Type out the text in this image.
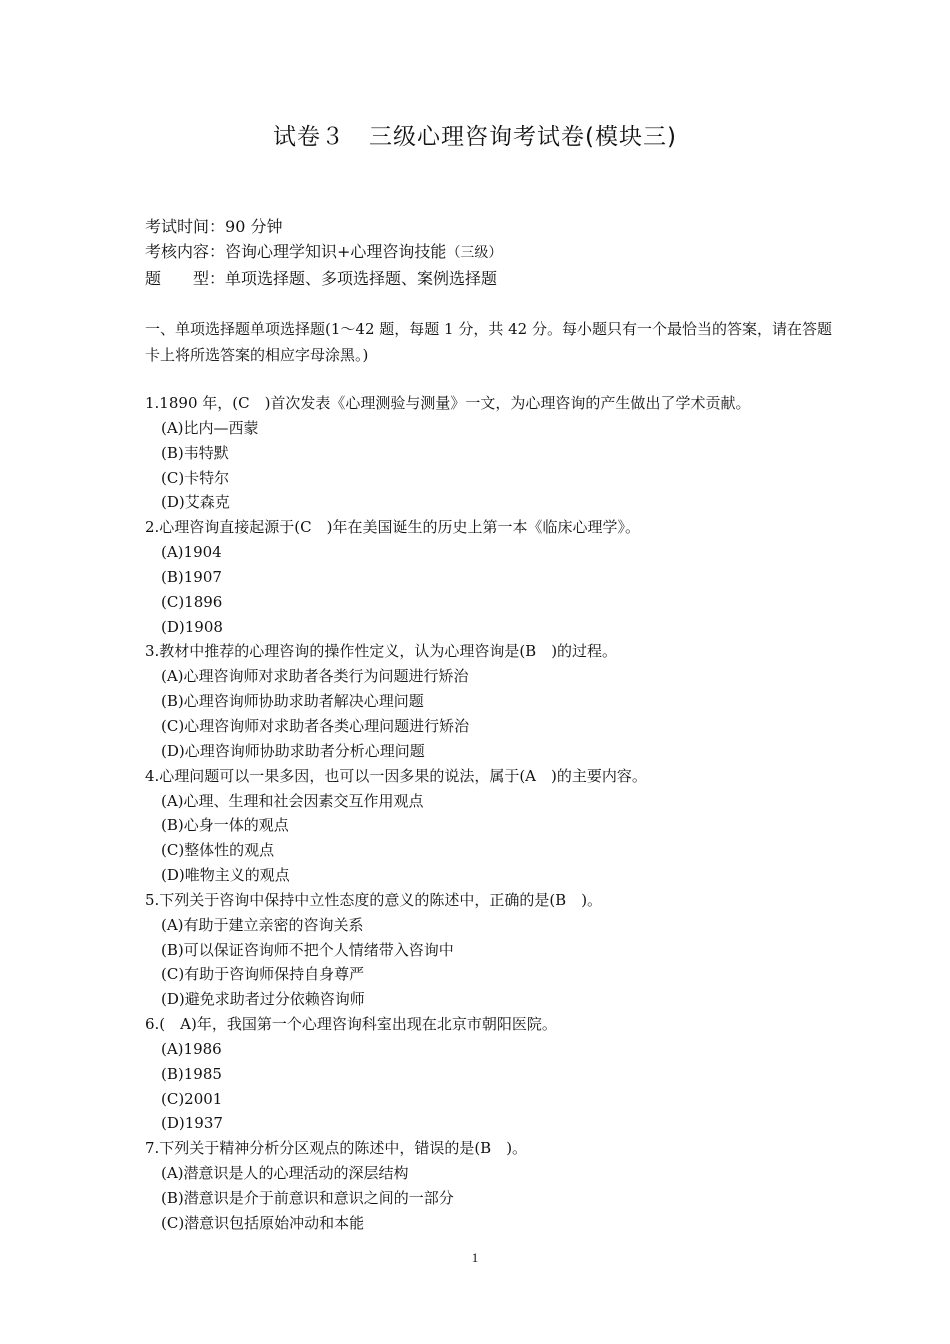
试卷３　三级心理咨询考试卷(模块三)
考试时间：90 分钟
考核内容：咨询心理学知识+心理咨询技能（三级）
题　　型：单项选择题、多项选择题、案例选择题
一、单项选择题单项选择题(1～42 题，每题 1 分，共 42 分。每小题只有一个最恰当的答案，请在答题卡上将所选答案的相应字母涂黑。)
1.1890 年，(C　)首次发表《心理测验与测量》一文，为心理咨询的产生做出了学术贡献。
(A)比内—西蒙
(B)韦特默
(C)卡特尔
(D)艾森克
2.心理咨询直接起源于(C　)年在美国诞生的历史上第一本《临床心理学》。
(A)1904
(B)1907
(C)1896
(D)1908
3.教材中推荐的心理咨询的操作性定义，认为心理咨询是(B　)的过程。
(A)心理咨询师对求助者各类行为问题进行矫治
(B)心理咨询师协助求助者解决心理问题
(C)心理咨询师对求助者各类心理问题进行矫治
(D)心理咨询师协助求助者分析心理问题
4.心理问题可以一果多因，也可以一因多果的说法，属于(A　)的主要内容。
(A)心理、生理和社会因素交互作用观点
(B)心身一体的观点
(C)整体性的观点
(D)唯物主义的观点
5.下列关于咨询中保持中立性态度的意义的陈述中，正确的是(B　)。
(A)有助于建立亲密的咨询关系
(B)可以保证咨询师不把个人情绪带入咨询中
(C)有助于咨询师保持自身尊严
(D)避免求助者过分依赖咨询师
6.(　A)年，我国第一个心理咨询科室出现在北京市朝阳医院。
(A)1986
(B)1985
(C)2001
(D)1937
7.下列关于精神分析分区观点的陈述中，错误的是(B　)。
(A)潜意识是人的心理活动的深层结构
(B)潜意识是介于前意识和意识之间的一部分
(C)潜意识包括原始冲动和本能
1
